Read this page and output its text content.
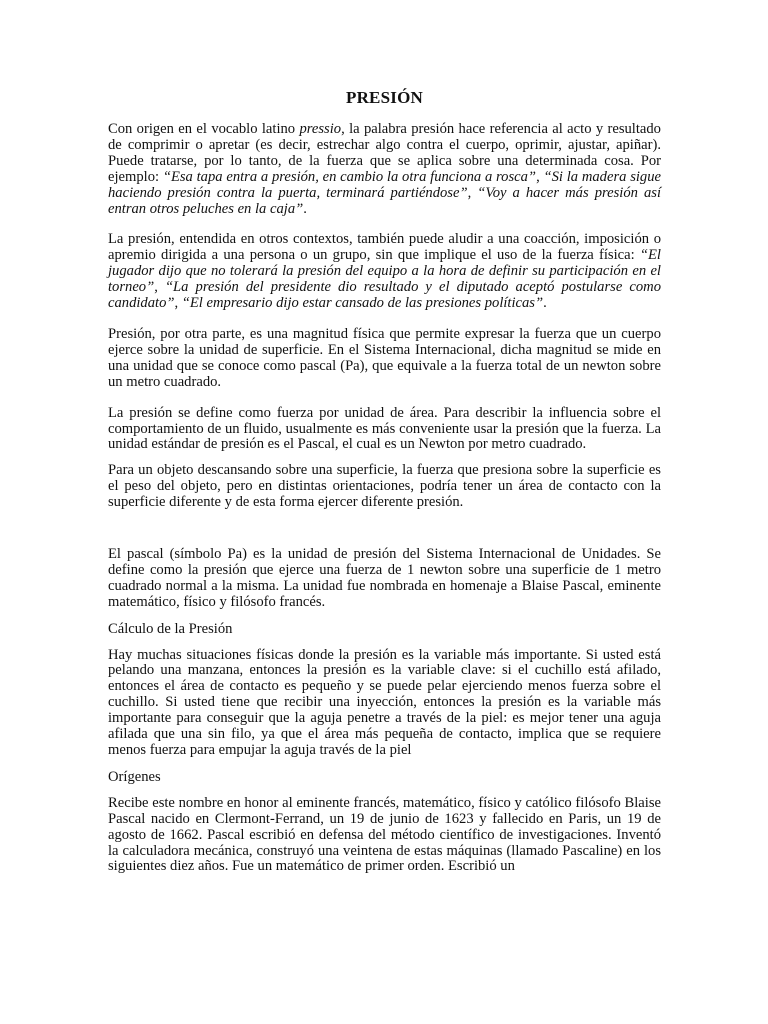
PRESIÓN

Con origen en el vocablo latino pressio, la palabra presión hace referencia al acto y resultado de comprimir o apretar (es decir, estrechar algo contra el cuerpo, oprimir, ajustar, apiñar). Puede tratarse, por lo tanto, de la fuerza que se aplica sobre una determinada cosa. Por ejemplo: “Esa tapa entra a presión, en cambio la otra funciona a rosca”, “Si la madera sigue haciendo presión contra la puerta, terminará partiéndose”, “Voy a hacer más presión así entran otros peluches en la caja”.

La presión, entendida en otros contextos, también puede aludir a una coacción, imposición o apremio dirigida a una persona o un grupo, sin que implique el uso de la fuerza física: “El jugador dijo que no tolerará la presión del equipo a la hora de definir su participación en el torneo”, “La presión del presidente dio resultado y el diputado aceptó postularse como candidato”, “El empresario dijo estar cansado de las presiones políticas”.

Presión, por otra parte, es una magnitud física que permite expresar la fuerza que un cuerpo ejerce sobre la unidad de superficie. En el Sistema Internacional, dicha magnitud se mide en una unidad que se conoce como pascal (Pa), que equivale a la fuerza total de un newton sobre un metro cuadrado.

La presión se define como fuerza por unidad de área. Para describir la influencia sobre el comportamiento de un fluido, usualmente es más conveniente usar la presión que la fuerza. La unidad estándar de presión es el Pascal, el cual es un Newton por metro cuadrado.

Para un objeto descansando sobre una superficie, la fuerza que presiona sobre la superficie es el peso del objeto, pero en distintas orientaciones, podría tener un área de contacto con la superficie diferente y de esta forma ejercer diferente presión.

El pascal (símbolo Pa) es la unidad de presión del Sistema Internacional de Unidades. Se define como la presión que ejerce una fuerza de 1 newton sobre una superficie de 1 metro cuadrado normal a la misma. La unidad fue nombrada en homenaje a Blaise Pascal, eminente matemático, físico y filósofo francés.

Cálculo de la Presión

Hay muchas situaciones físicas donde la presión es la variable más importante. Si usted está pelando una manzana, entonces la presión es la variable clave: si el cuchillo está afilado, entonces el área de contacto es pequeño y se puede pelar ejerciendo menos fuerza sobre el cuchillo. Si usted tiene que recibir una inyección, entonces la presión es la variable más importante para conseguir que la aguja penetre a través de la piel: es mejor tener una aguja afilada que una sin filo, ya que el área más pequeña de contacto, implica que se requiere menos fuerza para empujar la aguja través de la piel

Orígenes

Recibe este nombre en honor al eminente francés, matemático, físico y católico filósofo Blaise Pascal nacido en Clermont-Ferrand, un 19 de junio de 1623 y fallecido en Paris, un 19 de agosto de 1662. Pascal escribió en defensa del método científico de investigaciones. Inventó la calculadora mecánica, construyó una veintena de estas máquinas (llamado Pascaline) en los siguientes diez años. Fue un matemático de primer orden. Escribió un
